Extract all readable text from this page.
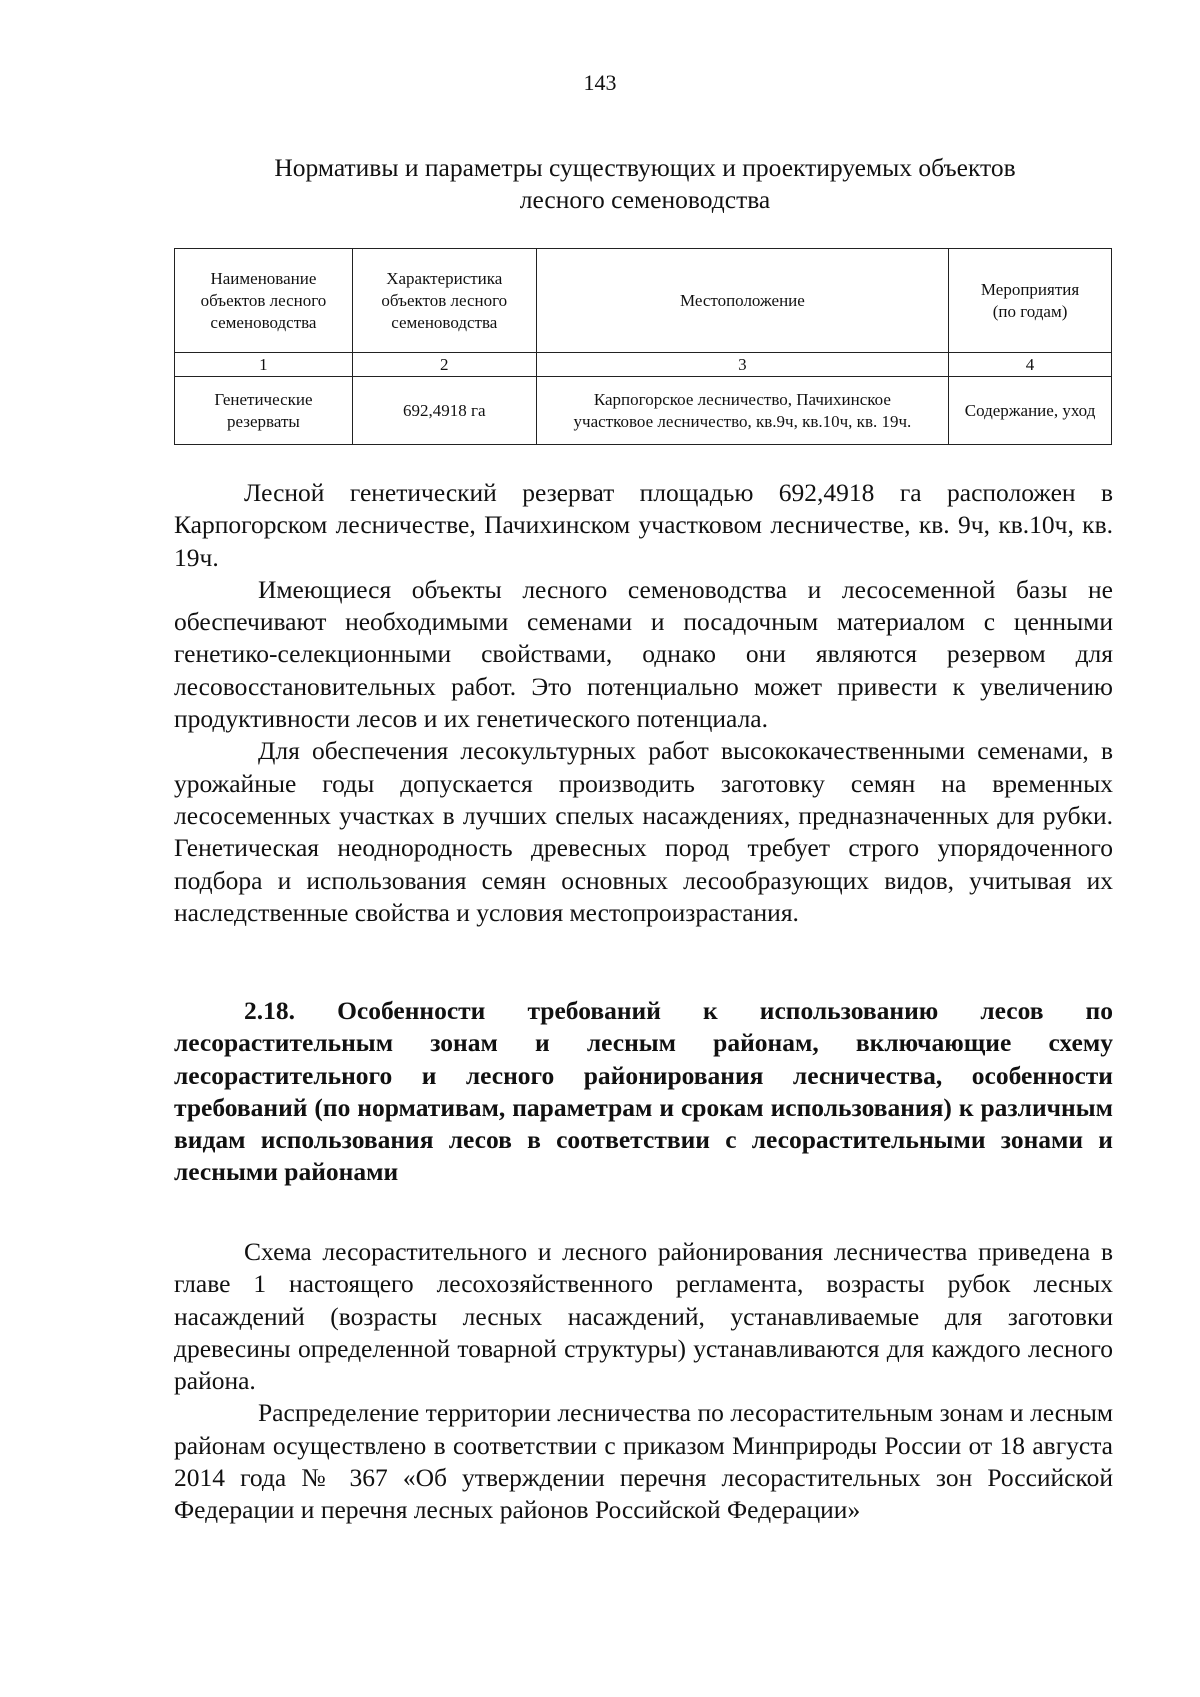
143
Нормативы и параметры существующих и проектируемых объектов
лесного семеноводства
Наименование
объектов лесного
семеноводства	Характеристика
объектов лесного
семеноводства	Местоположение	Мероприятия
(по годам)
1	2	3	4
Генетические
резерваты	692,4918 га	Карпогорское лесничество, Пачихинское
участковое лесничество, кв.9ч, кв.10ч, кв. 19ч.	Содержание, уход

Лесной генетический резерват площадью 692,4918 га расположен в Карпогорском лесничестве, Пачихинском участковом лесничестве, кв. 9ч, кв.10ч, кв. 19ч.

Имеющиеся объекты лесного семеноводства и лесосеменной базы не обеспечивают необходимыми семенами и посадочным материалом с ценными генетико-селекционными свойствами, однако они являются резервом для лесовосстановительных работ. Это потенциально может привести к увеличению продуктивности лесов и их генетического потенциала.

Для обеспечения лесокультурных работ высококачественными семенами, в урожайные годы допускается производить заготовку семян на временных лесосеменных участках в лучших спелых насаждениях, предназначенных для рубки. Генетическая неоднородность древесных пород требует строго упорядоченного подбора и использования семян основных лесообразующих видов, учитывая их наследственные свойства и условия местопроизрастания.

2.18. Особенности требований к использованию лесов по лесорастительным зонам и лесным районам, включающие схему лесорастительного и лесного районирования лесничества, особенности требований (по нормативам, параметрам и срокам использования) к различным видам использования лесов в соответствии с лесорастительными зонами и лесными районами

Схема лесорастительного и лесного районирования лесничества приведена в главе 1 настоящего лесохозяйственного регламента, возрасты рубок лесных насаждений (возрасты лесных насаждений, устанавливаемые для заготовки древесины определенной товарной структуры) устанавливаются для каждого лесного района.

Распределение территории лесничества по лесорастительным зонам и лесным районам осуществлено в соответствии с приказом Минприроды России от 18 августа 2014 года № 367 «Об утверждении перечня лесорастительных зон Российской Федерации и перечня лесных районов Российской Федерации»
